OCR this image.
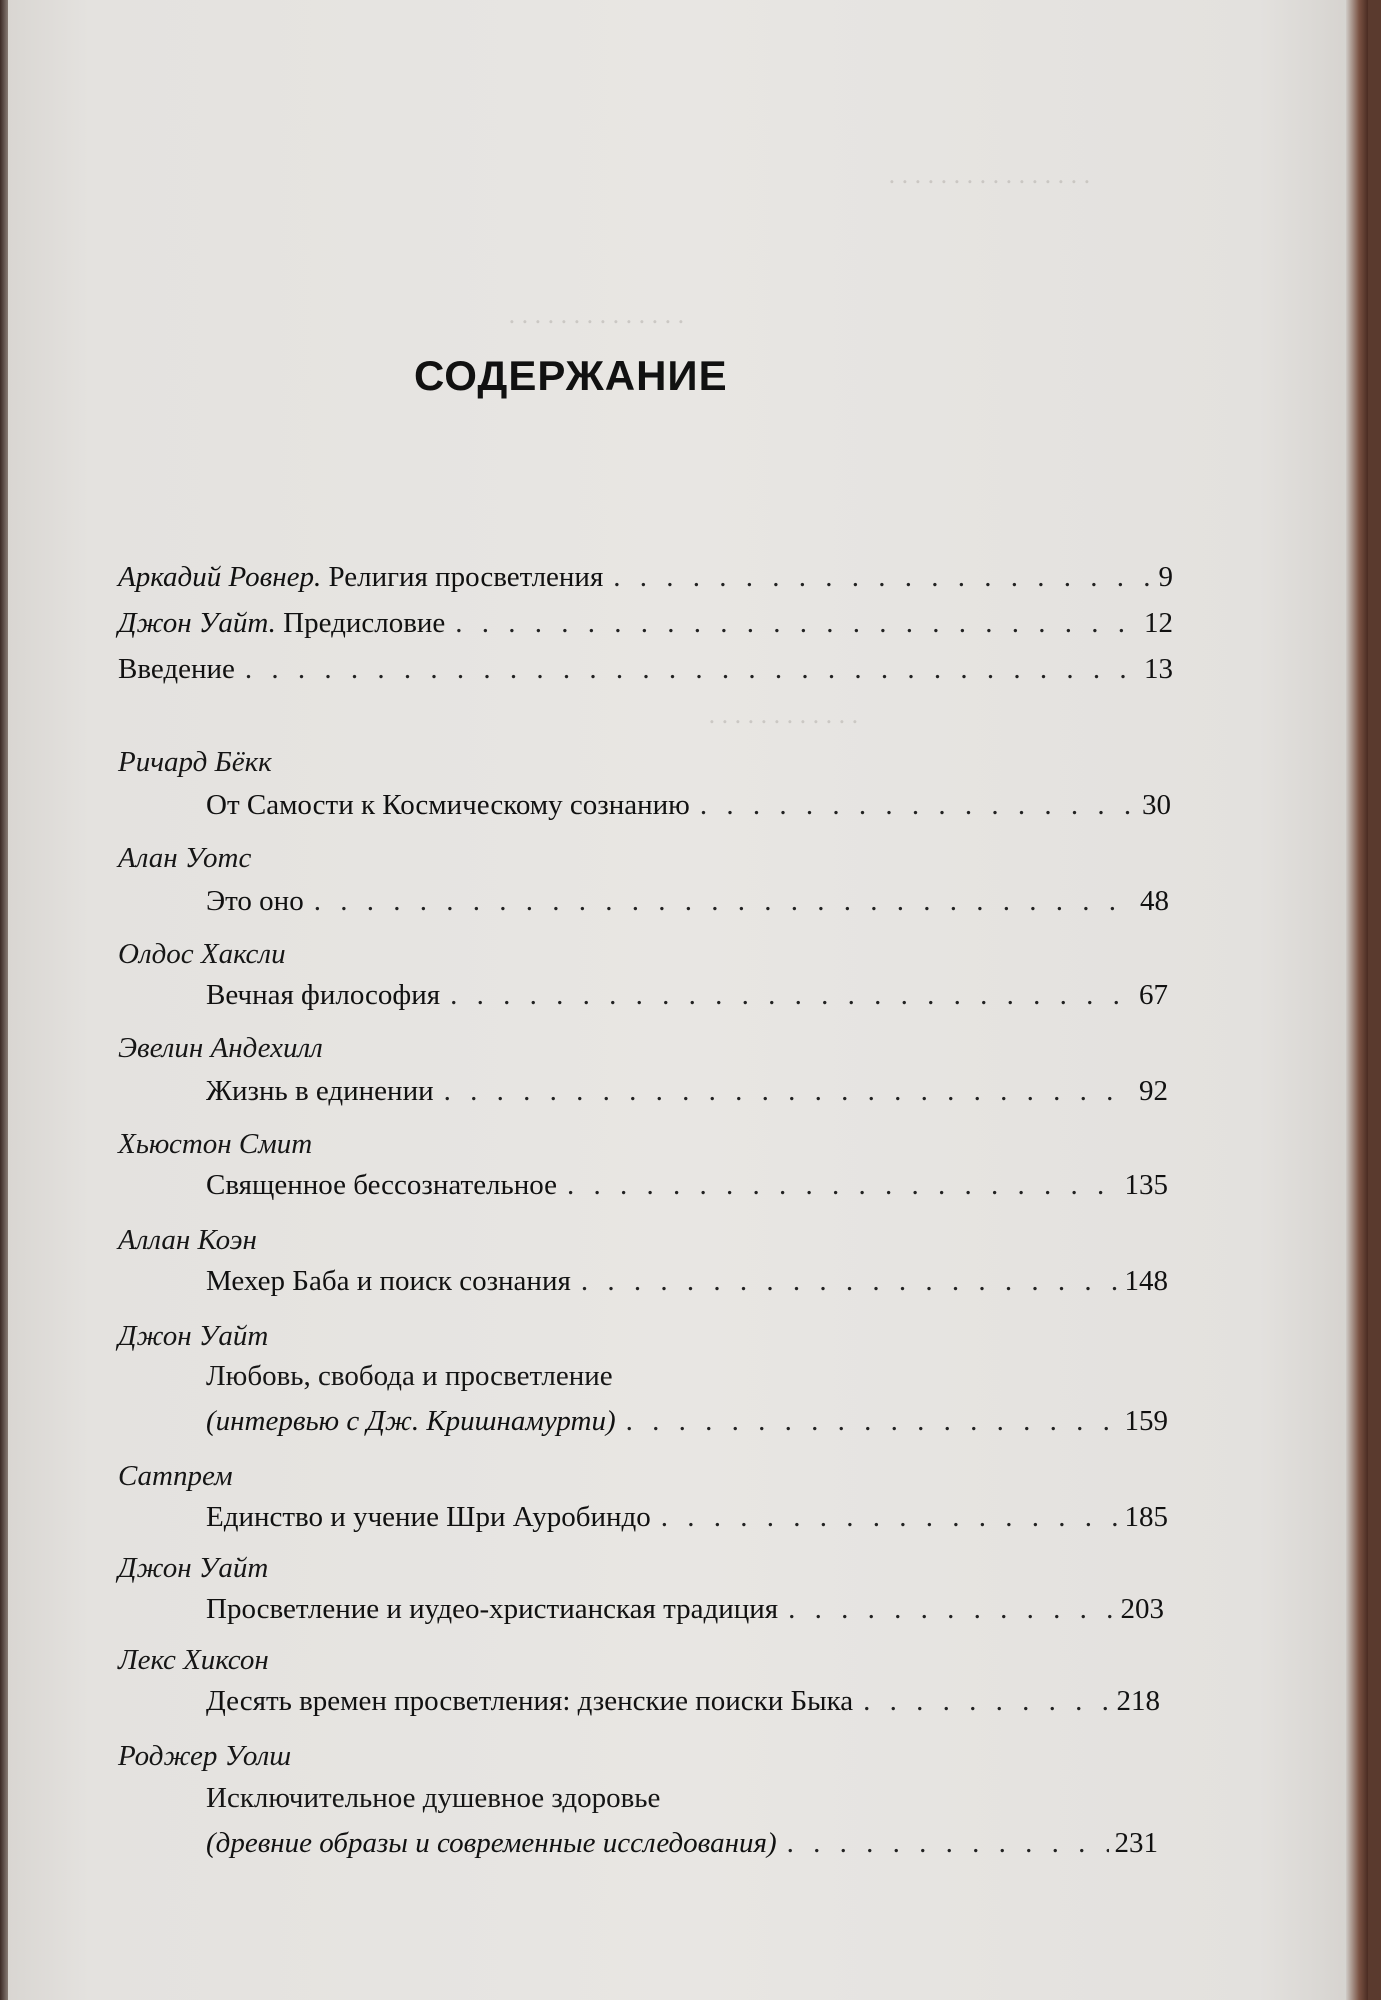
. . . . . . . . . . . . . . . .
. . . . . . . . . . . . . .
. . . . . . . . . . . .
СОДЕРЖАНИЕ
Аркадий Ровнер. Религия просветления . . .	9
Джон Уайт. Предисловие . . .	12
Введение . . .	13
Ричард Бёкк
От Самости к Космическому сознанию . . .	30
Алан Уотс
Это оно . . .	48
Олдос Хаксли
Вечная философия . . .	67
Эвелин Андехилл
Жизнь в единении . . .	92
Хьюстон Смит
Священное бессознательное . . .	135
Аллан Коэн
Мехер Баба и поиск сознания . . .	148
Джон Уайт
Любовь, свобода и просветление
(интервью с Дж. Кришнамурти) . . .	159
Сатпрем
Единство и учение Шри Ауробиндо . . .	185
Джон Уайт
Просветление и иудео-христианская традиция . . .	203
Лекс Хиксон
Десять времен просветления: дзенские поиски Быка . . .	218
Роджер Уолш
Исключительное душевное здоровье
(древние образы и современные исследования) . . .	231
